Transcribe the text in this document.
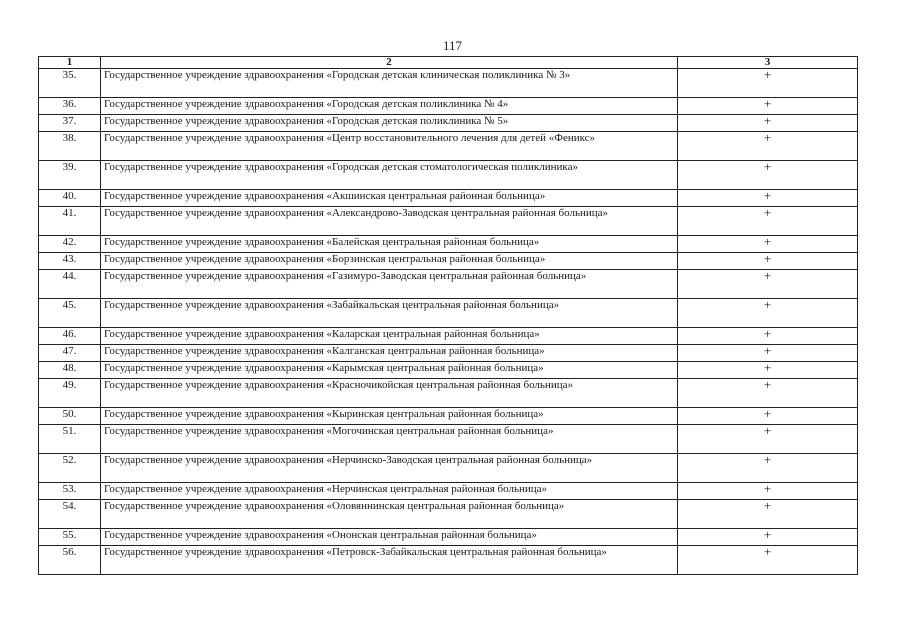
117
1	2	3
35.	Государственное учреждение здравоохранения «Городская детская клиническая поликлиника № 3»	+
36.	Государственное учреждение здравоохранения «Городская детская поликлиника № 4»	+
37.	Государственное учреждение здравоохранения «Городская детская поликлиника № 5»	+
38.	Государственное учреждение здравоохранения «Центр восстановительного лечения для детей «Феникс»	+
39.	Государственное учреждение здравоохранения «Городская детская стоматологическая поликлиника»	+
40.	Государственное учреждение здравоохранения «Акшинская центральная районная больница»	+
41.	Государственное учреждение здравоохранения «Александрово-Заводская центральная районная больница»	+
42.	Государственное учреждение здравоохранения «Балейская центральная районная больница»	+
43.	Государственное учреждение здравоохранения «Борзинская центральная районная больница»	+
44.	Государственное учреждение здравоохранения «Газимуро-Заводская центральная районная больница»	+
45.	Государственное учреждение здравоохранения «Забайкальская центральная районная больница»	+
46.	Государственное учреждение здравоохранения «Каларская центральная районная больница»	+
47.	Государственное учреждение здравоохранения «Калганская центральная районная больница»	+
48.	Государственное учреждение здравоохранения «Карымская центральная районная больница»	+
49.	Государственное учреждение здравоохранения «Красночикойская центральная районная больница»	+
50.	Государственное учреждение здравоохранения «Кыринская центральная районная больница»	+
51.	Государственное учреждение здравоохранения «Могочинская центральная районная больница»	+
52.	Государственное учреждение здравоохранения «Нерчинско-Заводская центральная районная больница»	+
53.	Государственное учреждение здравоохранения «Нерчинская центральная районная больница»	+
54.	Государственное учреждение здравоохранения «Оловяннинская центральная районная больница»	+
55.	Государственное учреждение здравоохранения «Ононская центральная районная больница»	+
56.	Государственное учреждение здравоохранения «Петровск-Забайкальская центральная районная больница»	+
